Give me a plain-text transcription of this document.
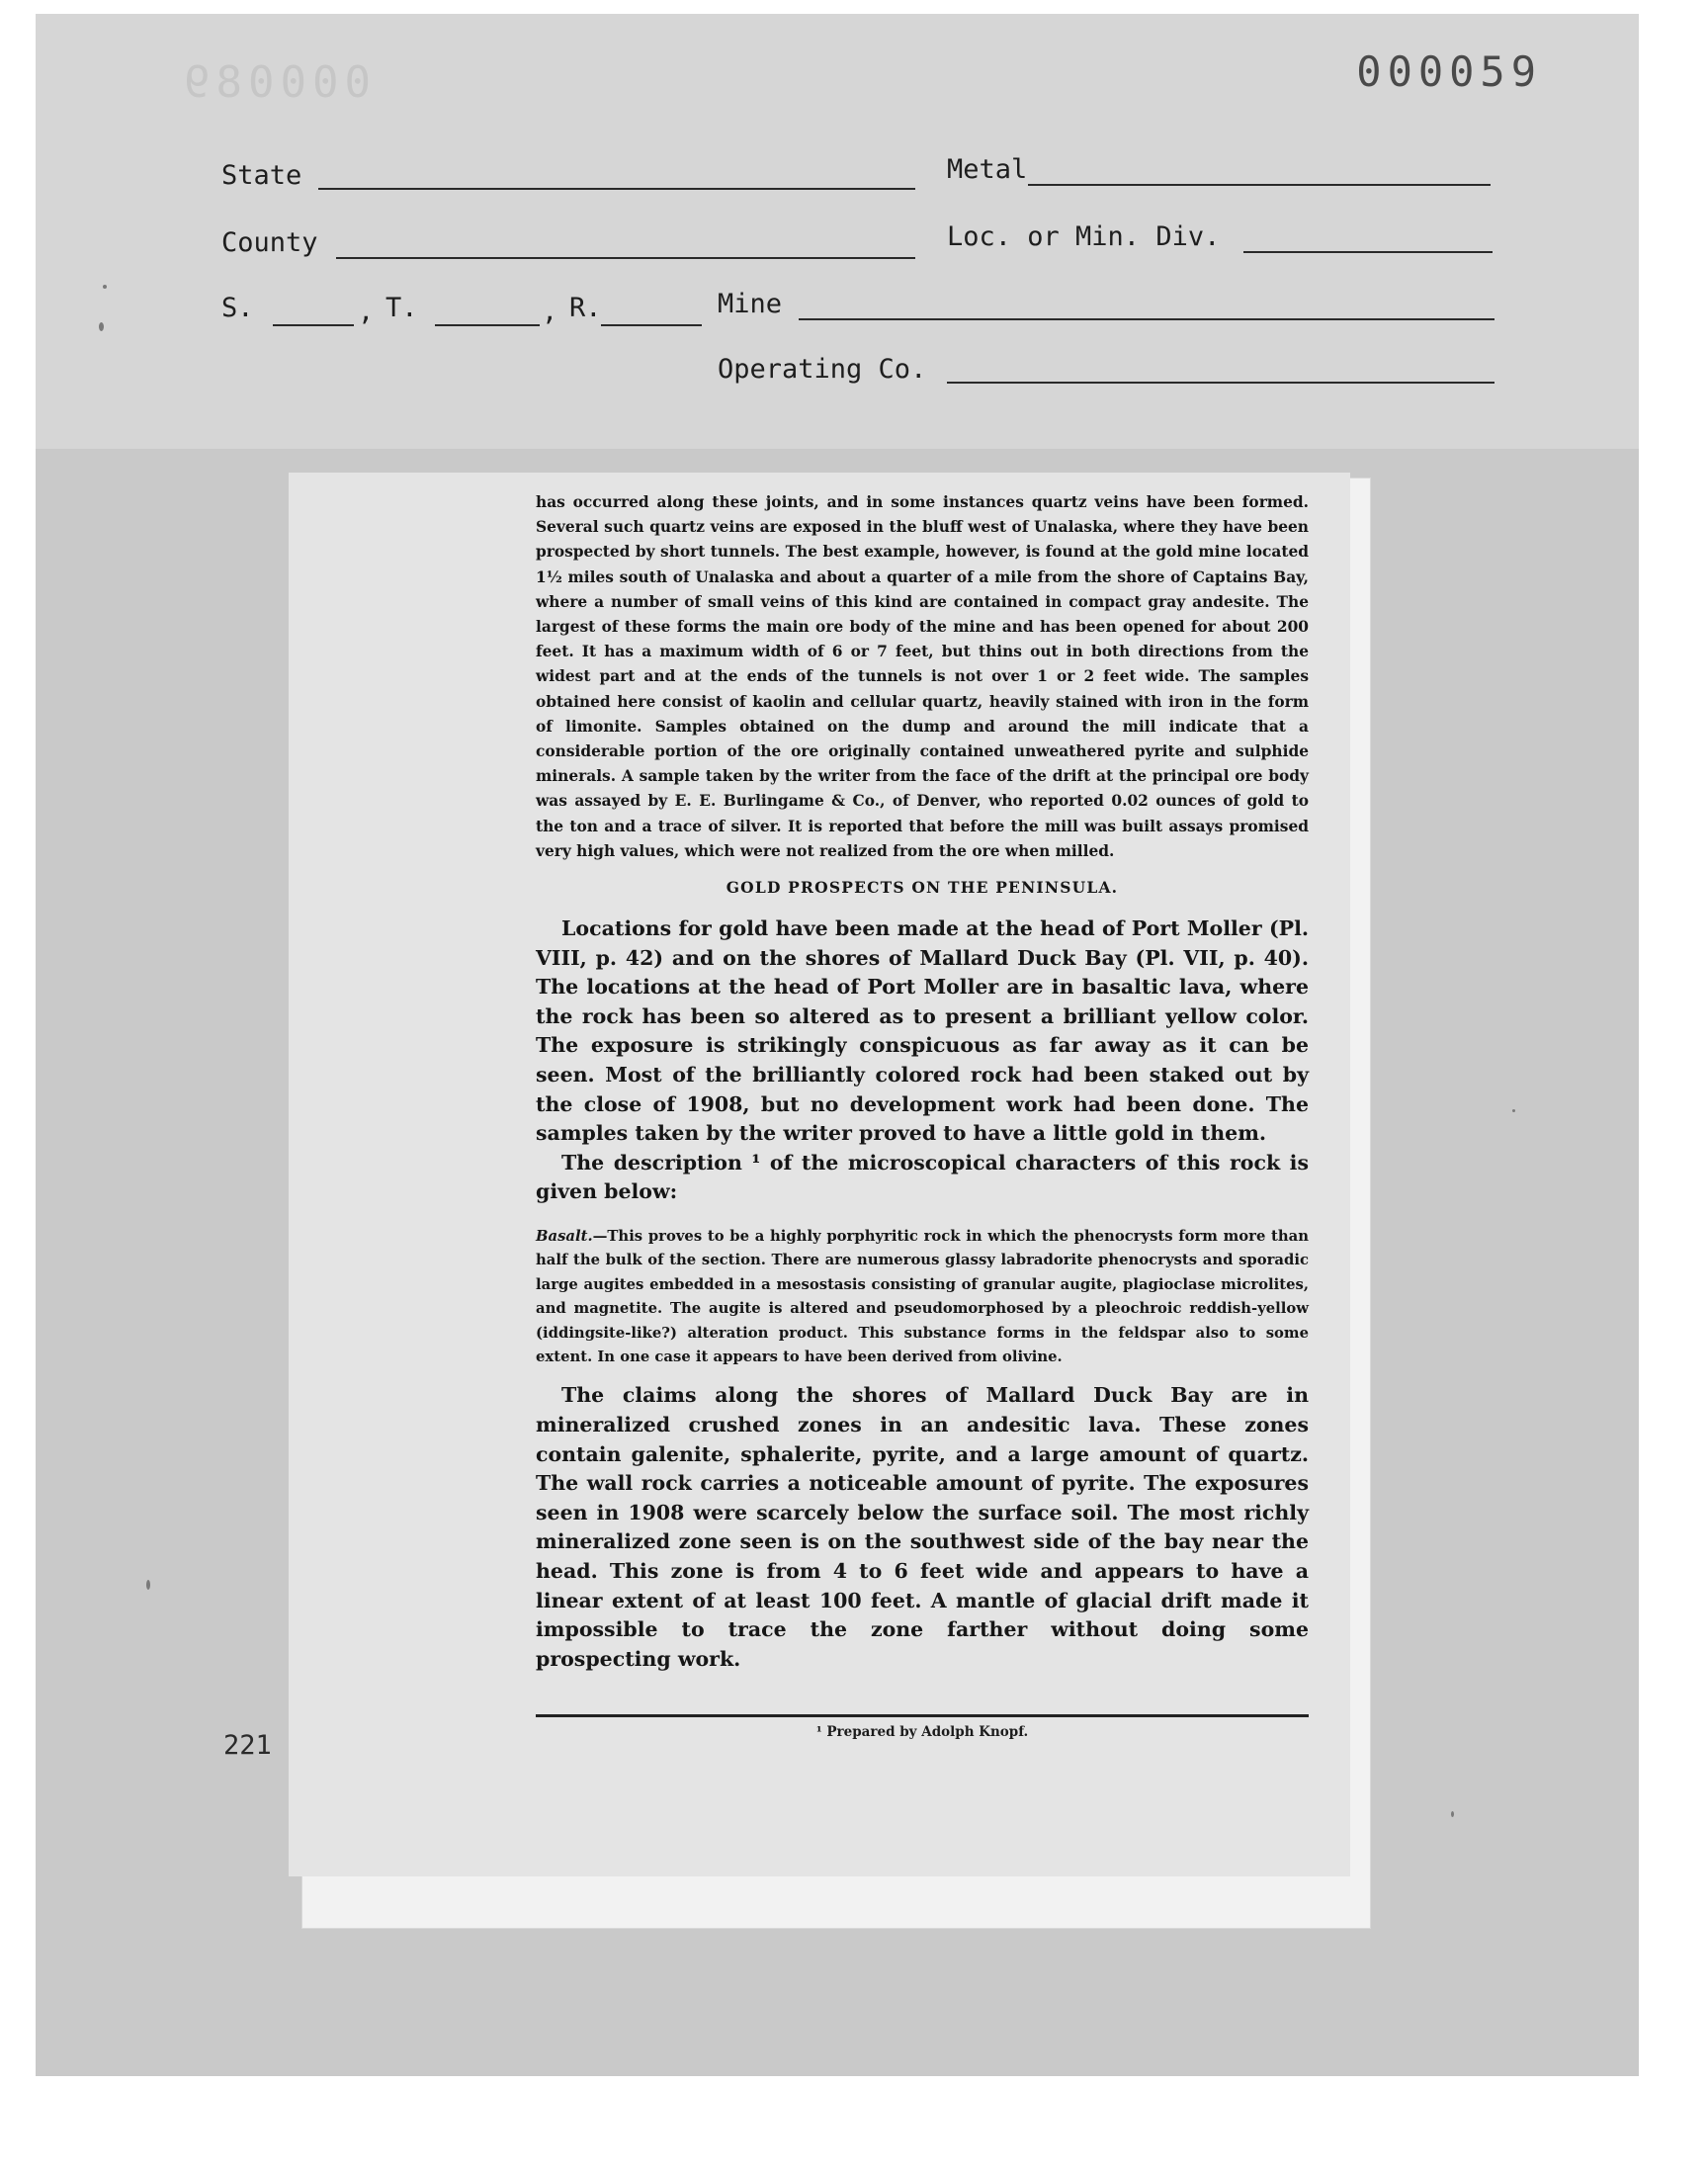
000089	000059
State	Metal
County	Loc. or Min. Div.
S.	, T.	, R.	Mine
Operating Co.
221

has occurred along these joints, and in some instances quartz veins have been formed. Several such quartz veins are exposed in the bluff west of Unalaska, where they have been prospected by short tunnels. The best example, however, is found at the gold mine located 1½ miles south of Unalaska and about a quarter of a mile from the shore of Captains Bay, where a number of small veins of this kind are contained in compact gray andesite. The largest of these forms the main ore body of the mine and has been opened for about 200 feet. It has a maximum width of 6 or 7 feet, but thins out in both directions from the widest part and at the ends of the tunnels is not over 1 or 2 feet wide. The samples obtained here consist of kaolin and cellular quartz, heavily stained with iron in the form of limonite. Samples obtained on the dump and around the mill indicate that a considerable portion of the ore originally contained unweathered pyrite and sulphide minerals. A sample taken by the writer from the face of the drift at the principal ore body was assayed by E. E. Burlingame & Co., of Denver, who reported 0.02 ounces of gold to the ton and a trace of silver. It is reported that before the mill was built assays promised very high values, which were not realized from the ore when milled.

GOLD PROSPECTS ON THE PENINSULA.

Locations for gold have been made at the head of Port Moller (Pl. VIII, p. 42) and on the shores of Mallard Duck Bay (Pl. VII, p. 40). The locations at the head of Port Moller are in basaltic lava, where the rock has been so altered as to present a brilliant yellow color. The exposure is strikingly conspicuous as far away as it can be seen. Most of the brilliantly colored rock had been staked out by the close of 1908, but no development work had been done. The samples taken by the writer proved to have a little gold in them.

The description ¹ of the microscopical characters of this rock is given below:

Basalt.—This proves to be a highly porphyritic rock in which the phenocrysts form more than half the bulk of the section. There are numerous glassy labradorite phenocrysts and sporadic large augites embedded in a mesostasis consisting of granular augite, plagioclase microlites, and magnetite. The augite is altered and pseudomorphosed by a pleochroic reddish-yellow (iddingsite-like?) alteration product. This substance forms in the feldspar also to some extent. In one case it appears to have been derived from olivine.

The claims along the shores of Mallard Duck Bay are in mineralized crushed zones in an andesitic lava. These zones contain galenite, sphalerite, pyrite, and a large amount of quartz. The wall rock carries a noticeable amount of pyrite. The exposures seen in 1908 were scarcely below the surface soil. The most richly mineralized zone seen is on the southwest side of the bay near the head. This zone is from 4 to 6 feet wide and appears to have a linear extent of at least 100 feet. A mantle of glacial drift made it impossible to trace the zone farther without doing some prospecting work.

¹ Prepared by Adolph Knopf.
